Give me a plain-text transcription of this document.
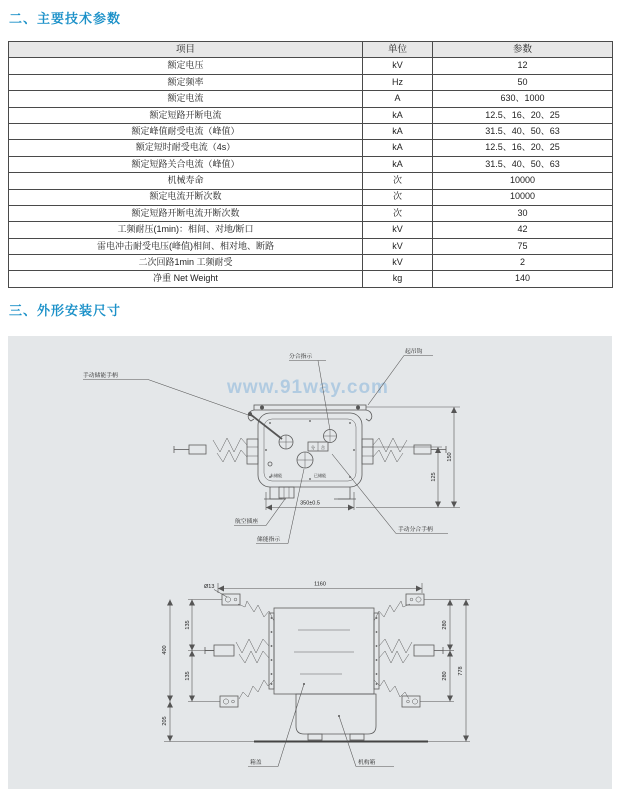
二、主要技术参数
项目	单位	参数
额定电压	kV	12
额定频率	Hz	50
额定电流	A	630、1000
额定短路开断电流	kA	12.5、16、20、25
额定峰值耐受电流（峰值）	kA	31.5、40、50、63
额定短时耐受电流（4s）	kA	12.5、16、20、25
额定短路关合电流（峰值）	kA	31.5、40、50、63
机械寿命	次	10000
额定电流开断次数	次	10000
额定短路开断电流开断次数	次	30
工频耐压(1min)：相间、对地/断口	kV	42
雷电冲击耐受电压(峰值)相间、相对地、断路	kV	75
二次回路1min 工频耐受	kV	2
净重 Net Weight	kg	140
三、外形安装尺寸
www.91way.com
分 合
未储能	已储能
350±0.5
150
125
分合指示
起吊钩
手动储能手柄
航空插座
储能指示
手动分合手柄
1160
135
135
400
205
280
280
778
Ø13
箱盖	机构箱
